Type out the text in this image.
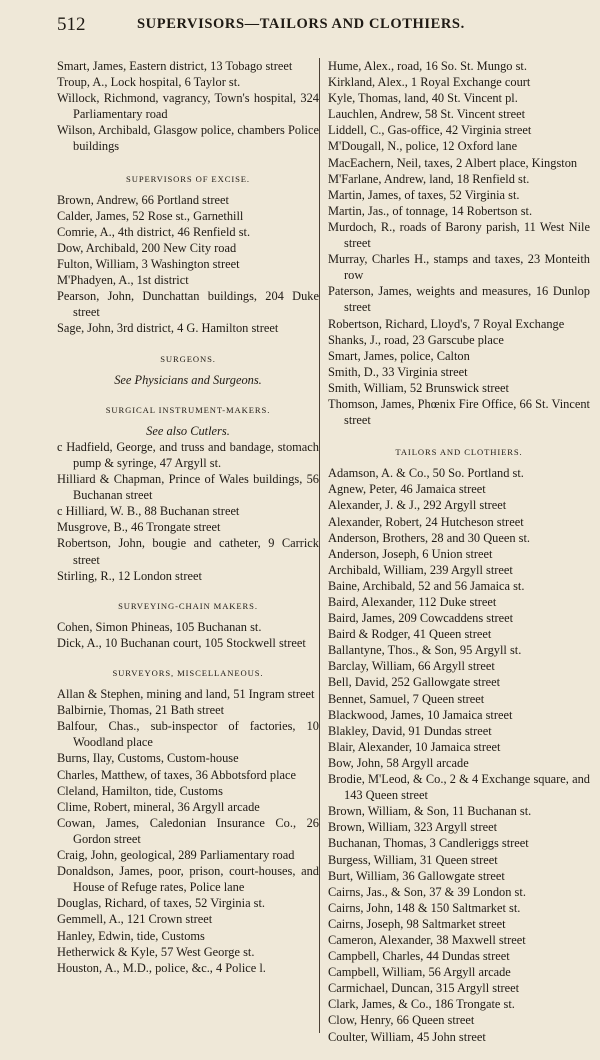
512	SUPERVISORS—TAILORS AND CLOTHIERS.
Smart, James, Eastern district, 13 Tobago street
Troup, A., Lock hospital, 6 Taylor st.
Willock, Richmond, vagrancy, Town's hospital, 324 Parliamentary road
Wilson, Archibald, Glasgow police, chambers Police buildings
SUPERVISORS OF EXCISE.
Brown, Andrew, 66 Portland street
Calder, James, 52 Rose st., Garnethill
Comrie, A., 4th district, 46 Renfield st.
Dow, Archibald, 200 New City road
Fulton, William, 3 Washington street
M'Phadyen, A., 1st district
Pearson, John, Dunchattan buildings, 204 Duke street
Sage, John, 3rd district, 4 G. Hamilton street
SURGEONS.
See Physicians and Surgeons.
SURGICAL INSTRUMENT-MAKERS.
See also Cutlers.
c Hadfield, George, and truss and bandage, stomach pump & syringe, 47 Argyll st.
Hilliard & Chapman, Prince of Wales buildings, 56 Buchanan street
c Hilliard, W. B., 88 Buchanan street
Musgrove, B., 46 Trongate street
Robertson, John, bougie and catheter, 9 Carrick street
Stirling, R., 12 London street
SURVEYING-CHAIN MAKERS.
Cohen, Simon Phineas, 105 Buchanan st.
Dick, A., 10 Buchanan court, 105 Stockwell street
SURVEYORS, MISCELLANEOUS.
Allan & Stephen, mining and land, 51 Ingram street
Balbirnie, Thomas, 21 Bath street
Balfour, Chas., sub-inspector of factories, 10 Woodland place
Burns, Ilay, Customs, Custom-house
Charles, Matthew, of taxes, 36 Abbotsford place
Cleland, Hamilton, tide, Customs
Clime, Robert, mineral, 36 Argyll arcade
Cowan, James, Caledonian Insurance Co., 26 Gordon street
Craig, John, geological, 289 Parliamentary road
Donaldson, James, poor, prison, court-houses, and House of Refuge rates, Police lane
Douglas, Richard, of taxes, 52 Virginia st.
Gemmell, A., 121 Crown street
Hanley, Edwin, tide, Customs
Hetherwick & Kyle, 57 West George st.
Houston, A., M.D., police, &c., 4 Police l.
Hume, Alex., road, 16 So. St. Mungo st.
Kirkland, Alex., 1 Royal Exchange court
Kyle, Thomas, land, 40 St. Vincent pl.
Lauchlen, Andrew, 58 St. Vincent street
Liddell, C., Gas-office, 42 Virginia street
M'Dougall, N., police, 12 Oxford lane
MacEachern, Neil, taxes, 2 Albert place, Kingston
M'Farlane, Andrew, land, 18 Renfield st.
Martin, James, of taxes, 52 Virginia st.
Martin, Jas., of tonnage, 14 Robertson st.
Murdoch, R., roads of Barony parish, 11 West Nile street
Murray, Charles H., stamps and taxes, 23 Monteith row
Paterson, James, weights and measures, 16 Dunlop street
Robertson, Richard, Lloyd's, 7 Royal Exchange
Shanks, J., road, 23 Garscube place
Smart, James, police, Calton
Smith, D., 33 Virginia street
Smith, William, 52 Brunswick street
Thomson, James, Phœnix Fire Office, 66 St. Vincent street
TAILORS AND CLOTHIERS.
Adamson, A. & Co., 50 So. Portland st.
Agnew, Peter, 46 Jamaica street
Alexander, J. & J., 292 Argyll street
Alexander, Robert, 24 Hutcheson street
Anderson, Brothers, 28 and 30 Queen st.
Anderson, Joseph, 6 Union street
Archibald, William, 239 Argyll street
Baine, Archibald, 52 and 56 Jamaica st.
Baird, Alexander, 112 Duke street
Baird, James, 209 Cowcaddens street
Baird & Rodger, 41 Queen street
Ballantyne, Thos., & Son, 95 Argyll st.
Barclay, William, 66 Argyll street
Bell, David, 252 Gallowgate street
Bennet, Samuel, 7 Queen street
Blackwood, James, 10 Jamaica street
Blakley, David, 91 Dundas street
Blair, Alexander, 10 Jamaica street
Bow, John, 58 Argyll arcade
Brodie, M'Leod, & Co., 2 & 4 Exchange square, and 143 Queen street
Brown, William, & Son, 11 Buchanan st.
Brown, William, 323 Argyll street
Buchanan, Thomas, 3 Candleriggs street
Burgess, William, 31 Queen street
Burt, William, 36 Gallowgate street
Cairns, Jas., & Son, 37 & 39 London st.
Cairns, John, 148 & 150 Saltmarket st.
Cairns, Joseph, 98 Saltmarket street
Cameron, Alexander, 38 Maxwell street
Campbell, Charles, 44 Dundas street
Campbell, William, 56 Argyll arcade
Carmichael, Duncan, 315 Argyll street
Clark, James, & Co., 186 Trongate st.
Clow, Henry, 66 Queen street
Coulter, William, 45 John street
